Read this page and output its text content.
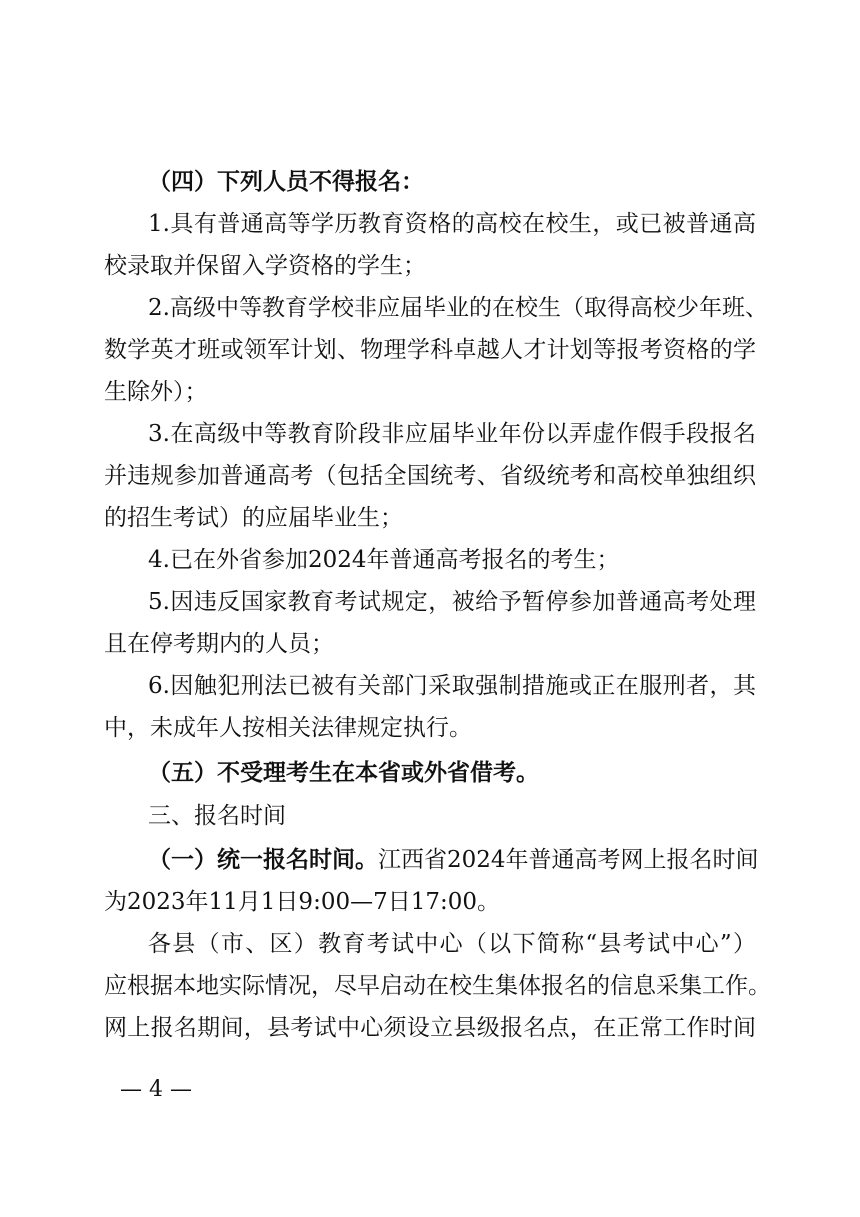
（四）下列人员不得报名：
1.具有普通高等学历教育资格的高校在校生，或已被普通高
校录取并保留入学资格的学生；
2.高级中等教育学校非应届毕业的在校生（取得高校少年班、
数学英才班或领军计划、物理学科卓越人才计划等报考资格的学
生除外）；
3.在高级中等教育阶段非应届毕业年份以弄虚作假手段报名
并违规参加普通高考（包括全国统考、省级统考和高校单独组织
的招生考试）的应届毕业生；
4.已在外省参加2024年普通高考报名的考生；
5.因违反国家教育考试规定，被给予暂停参加普通高考处理
且在停考期内的人员；
6.因触犯刑法已被有关部门采取强制措施或正在服刑者，其
中，未成年人按相关法律规定执行。
（五）不受理考生在本省或外省借考。
三、报名时间
（一）统一报名时间。江西省2024年普通高考网上报名时间
为2023年11月1日9:00—7日17:00。
各县（市、区）教育考试中心（以下简称“县考试中心”）
应根据本地实际情况，尽早启动在校生集体报名的信息采集工作。
网上报名期间，县考试中心须设立县级报名点，在正常工作时间
— 4 —
